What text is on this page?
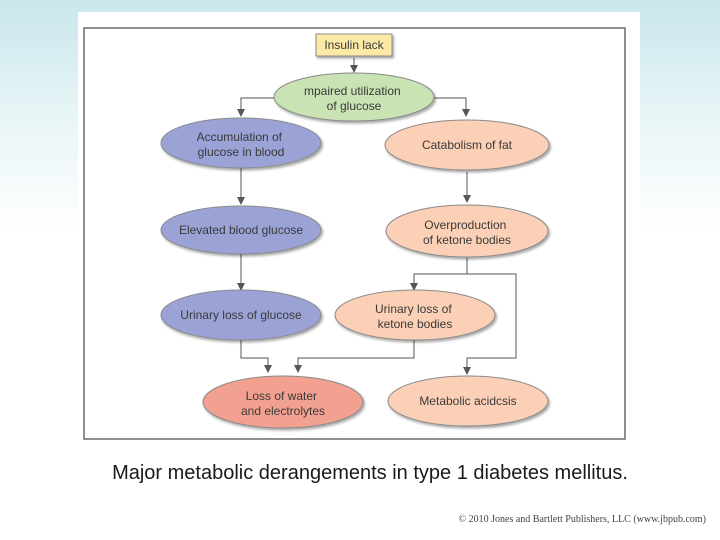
Insulin lack
mpaired utilization of glucose
Accumulation of glucose in blood	Catabolism of fat
Elevated blood glucose	Overproduction of ketone bodies
Urinary loss of glucose	Urinary loss of ketone bodies
Loss of water and electrolytes
Metabolic acidcsis
Major metabolic derangements in type 1 diabetes mellitus.
© 2010 Jones and Bartlett Publishers, LLC (www.jbpub.com)
